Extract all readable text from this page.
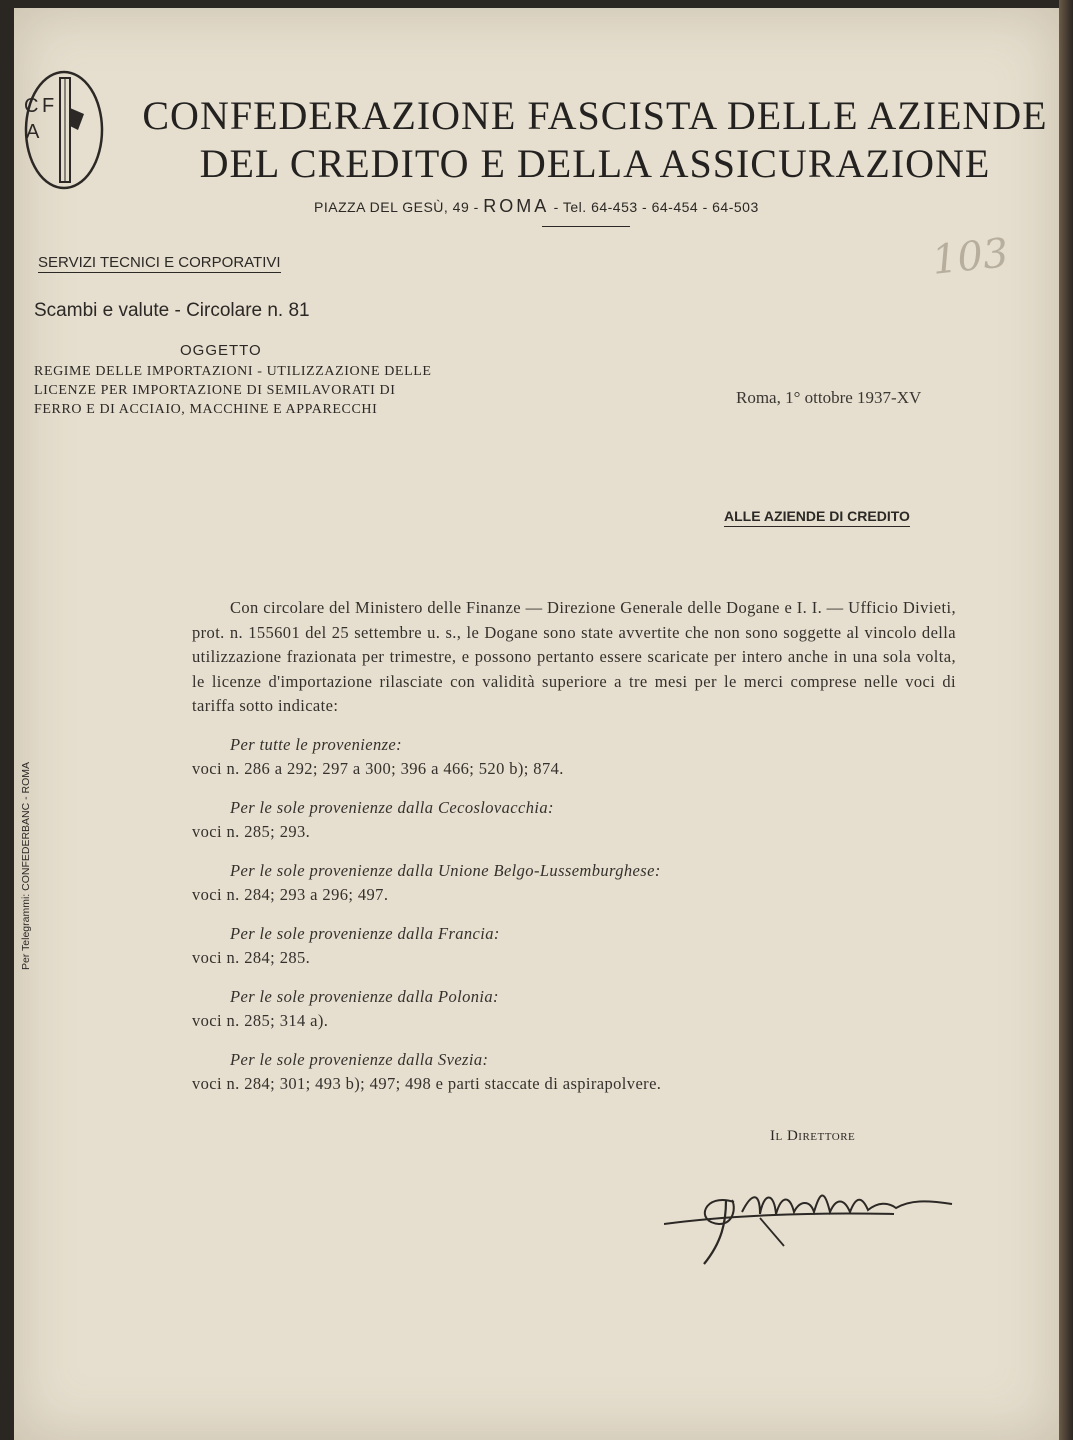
C F
A	CONFEDERAZIONE FASCISTA DELLE AZIENDE
DEL CREDITO E DELLA ASSICURAZIONE
PIAZZA DEL GESÙ, 49 - ROMA - Tel. 64-453 - 64-454 - 64-503
103
SERVIZI TECNICI E CORPORATIVI
Scambi e valute - Circolare n. 81
OGGETTO
REGIME DELLE IMPORTAZIONI - UTILIZZAZIONE DELLE LICENZE PER IMPORTAZIONE DI SEMILAVORATI DI FERRO E DI ACCIAIO, MACCHINE E APPARECCHI
Roma, 1° ottobre 1937-XV
ALLE AZIENDE DI CREDITO

Con circolare del Ministero delle Finanze — Direzione Generale delle Dogane e I. I. — Ufficio Divieti, prot. n. 155601 del 25 settembre u. s., le Dogane sono state avvertite che non sono soggette al vincolo della utilizzazione frazionata per trimestre, e possono pertanto essere scaricate per intero anche in una sola volta, le licenze d'importazione rilasciate con validità superiore a tre mesi per le merci comprese nelle voci di tariffa sotto indicate:

Per tutte le provenienze:
voci n. 286 a 292; 297 a 300; 396 a 466; 520 b); 874.
Per le sole provenienze dalla Cecoslovacchia:
voci n. 285; 293.
Per le sole provenienze dalla Unione Belgo-Lussemburghese:
voci n. 284; 293 a 296; 497.
Per le sole provenienze dalla Francia:
voci n. 284; 285.
Per le sole provenienze dalla Polonia:
voci n. 285; 314 a).
Per le sole provenienze dalla Svezia:
voci n. 284; 301; 493 b); 497; 498 e parti staccate di aspirapolvere.
Il Direttore
Per Telegrammi: CONFEDERBANC - ROMA
